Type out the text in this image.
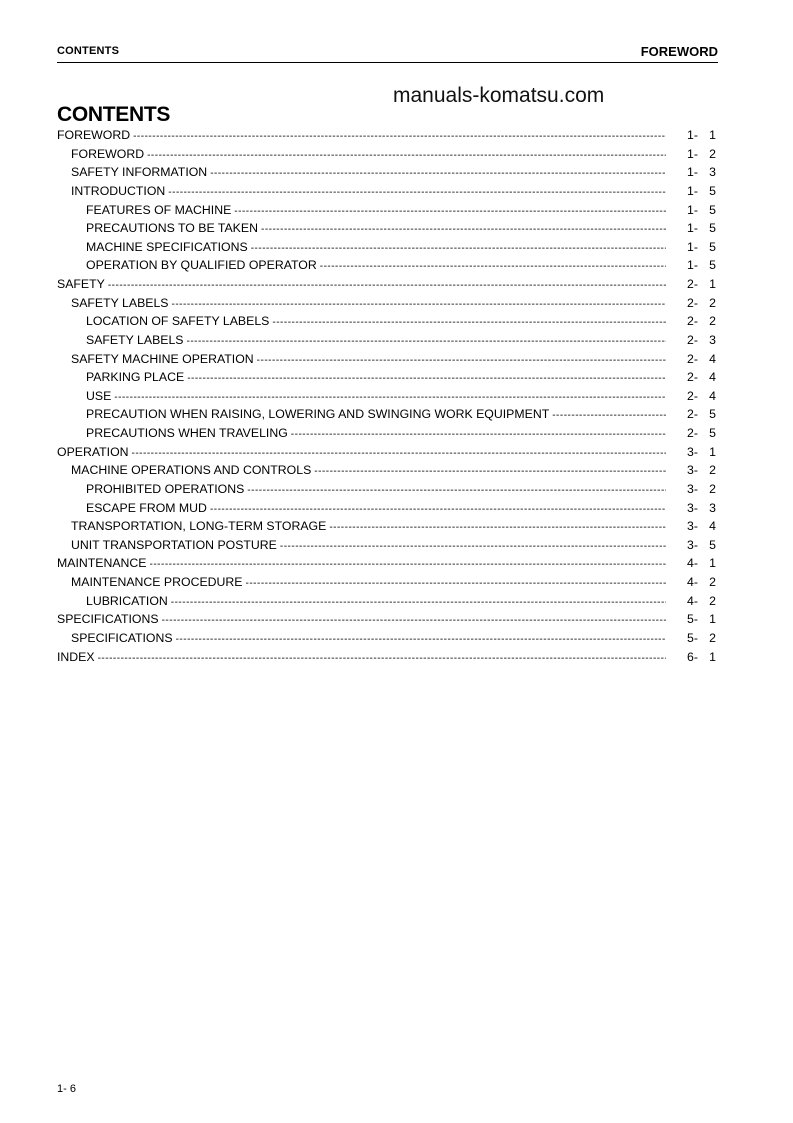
CONTENTS	FOREWORD
CONTENTS
manuals-komatsu.com
FOREWORD -----	1- 1
FOREWORD -----	1- 2
SAFETY INFORMATION -----	1- 3
INTRODUCTION -----	1- 5
FEATURES OF MACHINE -----	1- 5
PRECAUTIONS TO BE TAKEN -----	1- 5
MACHINE SPECIFICATIONS -----	1- 5
OPERATION BY QUALIFIED OPERATOR -----	1- 5
SAFETY -----	2- 1
SAFETY LABELS -----	2- 2
LOCATION OF SAFETY LABELS -----	2- 2
SAFETY LABELS -----	2- 3
SAFETY MACHINE OPERATION -----	2- 4
PARKING PLACE -----	2- 4
USE -----	2- 4
PRECAUTION WHEN RAISING, LOWERING AND SWINGING WORK EQUIPMENT -----	2- 5
PRECAUTIONS WHEN TRAVELING -----	2- 5
OPERATION -----	3- 1
MACHINE OPERATIONS AND CONTROLS -----	3- 2
PROHIBITED OPERATIONS -----	3- 2
ESCAPE FROM MUD -----	3- 3
TRANSPORTATION, LONG-TERM STORAGE -----	3- 4
UNIT TRANSPORTATION POSTURE -----	3- 5
MAINTENANCE -----	4- 1
MAINTENANCE PROCEDURE -----	4- 2
LUBRICATION -----	4- 2
SPECIFICATIONS -----	5- 1
SPECIFICATIONS -----	5- 2
INDEX -----	6- 1
1- 6
